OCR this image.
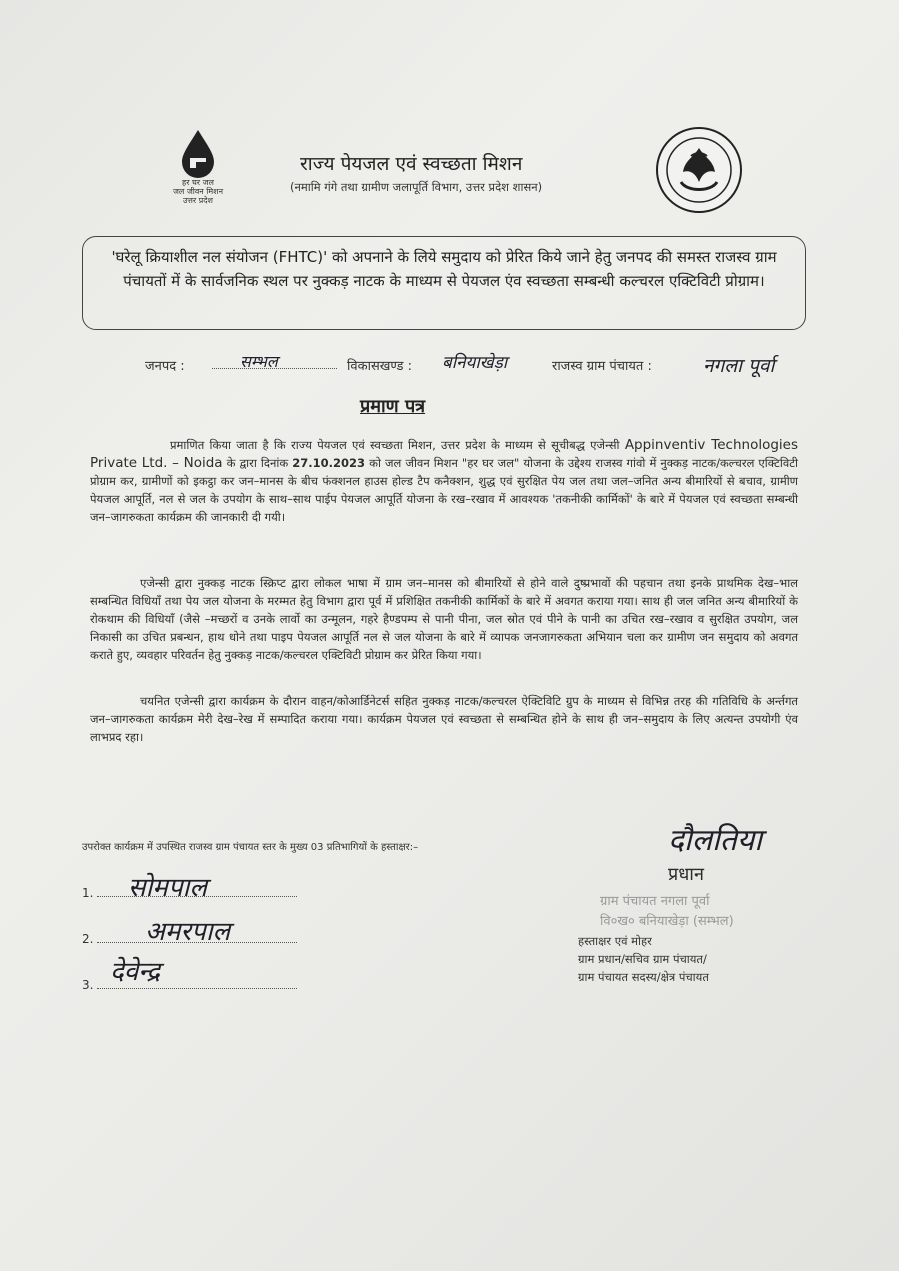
हर घर जल
जल जीवन मिशन
उत्तर प्रदेश
राज्य पेयजल एवं स्वच्छता मिशन
(नमामि गंगे तथा ग्रामीण जलापूर्ति विभाग, उत्तर प्रदेश शासन)

'घरेलू क्रियाशील नल संयोजन (FHTC)' को अपनाने के लिये समुदाय को प्रेरित किये जाने हेतु जनपद की समस्त राजस्व ग्राम पंचायतों में के सार्वजनिक स्थल पर नुक्कड़ नाटक के माध्यम से पेयजल एंव स्वच्छता सम्बन्धी कल्चरल एक्टिविटी प्रोग्राम।

जनपद :	सम्भल	विकासखण्ड : बनियाखेड़ा	राजस्व ग्राम पंचायत :	नगला पूर्वा
प्रमाण पत्र

प्रमाणित किया जाता है कि राज्य पेयजल एवं स्वच्छता मिशन, उत्तर प्रदेश के माध्यम से सूचीबद्ध एजेन्सी Appinventiv Technologies Private Ltd. – Noida के द्वारा दिनांक 27.10.2023 को जल जीवन मिशन "हर घर जल" योजना के उद्देश्य राजस्व गांवो में नुक्कड़ नाटक/कल्चरल एक्टिविटी प्रोग्राम कर, ग्रामीणों को इकट्ठा कर जन–मानस के बीच फंक्शनल हाउस होल्ड टैप कनैक्शन, शुद्ध एवं सुरक्षित पेय जल तथा जल–जनित अन्य बीमारियों से बचाव, ग्रामीण पेयजल आपूर्ति, नल से जल के उपयोग के साथ–साथ पाईप पेयजल आपूर्ति योजना के रख–रखाव में आवश्यक 'तकनीकी कार्मिकों' के बारे में पेयजल एवं स्वच्छता सम्बन्धी जन–जागरुकता कार्यक्रम की जानकारी दी गयी।

एजेन्सी द्वारा नुक्कड़ नाटक स्क्रिप्ट द्वारा लोकल भाषा में ग्राम जन–मानस को बीमारियों से होने वाले दुष्प्रभावों की पहचान तथा इनके प्राथमिक देख–भाल सम्बन्धित विधियाँ तथा पेय जल योजना के मरम्मत हेतु विभाग द्वारा पूर्व में प्रशिक्षित तकनीकी कार्मिकों के बारे में अवगत कराया गया। साथ ही जल जनित अन्य बीमारियों के रोकथाम की विधियाँ (जैसे –मच्छरों व उनके लार्वो का उन्मूलन, गहरे हैण्डपम्प से पानी पीना, जल स्रोत एवं पीने के पानी का उचित रख–रखाव व सुरक्षित उपयोग, जल निकासी का उचित प्रबन्धन, हाथ धोने तथा पाइप पेयजल आपूर्ति नल से जल योजना के बारे में व्यापक जनजागरुकता अभियान चला कर ग्रामीण जन समुदाय को अवगत कराते हुए, व्यवहार परिवर्तन हेतु नुक्कड़ नाटक/कल्चरल एक्टिविटी प्रोग्राम कर प्रेरित किया गया।

चयनित एजेन्सी द्वारा कार्यक्रम के दौरान वाहन/कोआर्डिनेटर्स सहित नुक्कड़ नाटक/कल्चरल ऐक्टिविटि ग्रुप के माध्यम से विभिन्न तरह की गतिविधि के अर्न्तगत जन–जागरुकता कार्यक्रम मेरी देख–रेख में सम्पादित कराया गया। कार्यक्रम पेयजल एवं स्वच्छता से सम्बन्धित होने के साथ ही जन–समुदाय के लिए अत्यन्त उपयोगी एंव लाभप्रद रहा।

उपरोक्त कार्यक्रम में उपस्थित राजस्व ग्राम पंचायत स्तर के मुख्य 03 प्रतिभागियों के हस्ताक्षर:–
1.	सोमपाल
2.	अमरपाल
3. देवेन्द्र
दौलतिया
प्रधान
ग्राम पंचायत नगला पूर्वा
वि०ख० बनियाखेड़ा (सम्भल)
हस्ताक्षर एवं मोहर
ग्राम प्रधान/सचिव ग्राम पंचायत/
ग्राम पंचायत सदस्य/क्षेत्र पंचायत
